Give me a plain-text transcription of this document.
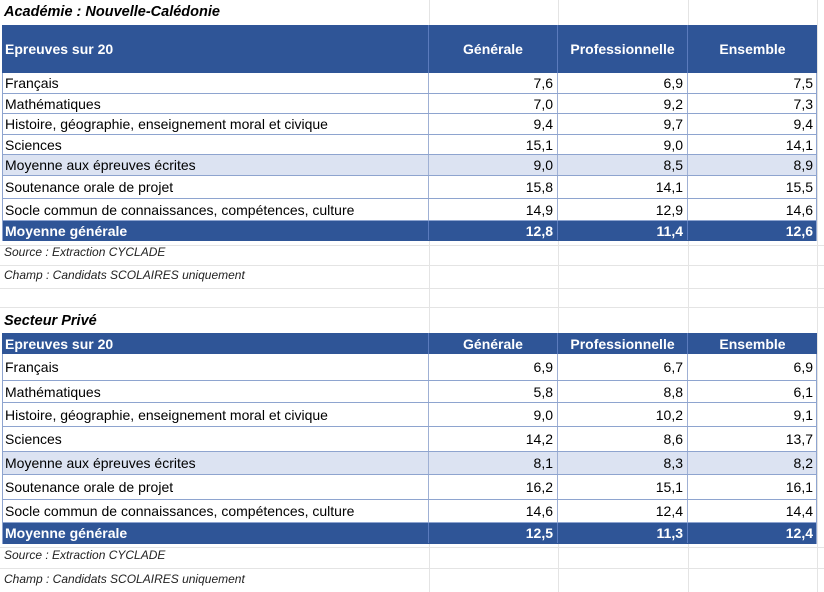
Académie : Nouvelle-Calédonie
Epreuves sur 20	Générale	Professionnelle	Ensemble
Français	7,6	6,9	7,5
Mathématiques	7,0	9,2	7,3
Histoire, géographie, enseignement moral et civique	9,4	9,7	9,4
Sciences	15,1	9,0	14,1
Moyenne aux épreuves écrites	9,0	8,5	8,9
Soutenance orale de projet	15,8	14,1	15,5
Socle commun de connaissances, compétences, culture	14,9	12,9	14,6
Moyenne générale	12,8	11,4	12,6
Source : Extraction CYCLADE
Champ : Candidats SCOLAIRES uniquement
Secteur Privé
Epreuves sur 20	Générale	Professionnelle	Ensemble
Français	6,9	6,7	6,9
Mathématiques	5,8	8,8	6,1
Histoire, géographie, enseignement moral et civique	9,0	10,2	9,1
Sciences	14,2	8,6	13,7
Moyenne aux épreuves écrites	8,1	8,3	8,2
Soutenance orale de projet	16,2	15,1	16,1
Socle commun de connaissances, compétences, culture	14,6	12,4	14,4
Moyenne générale	12,5	11,3	12,4
Source : Extraction CYCLADE
Champ : Candidats SCOLAIRES uniquement
